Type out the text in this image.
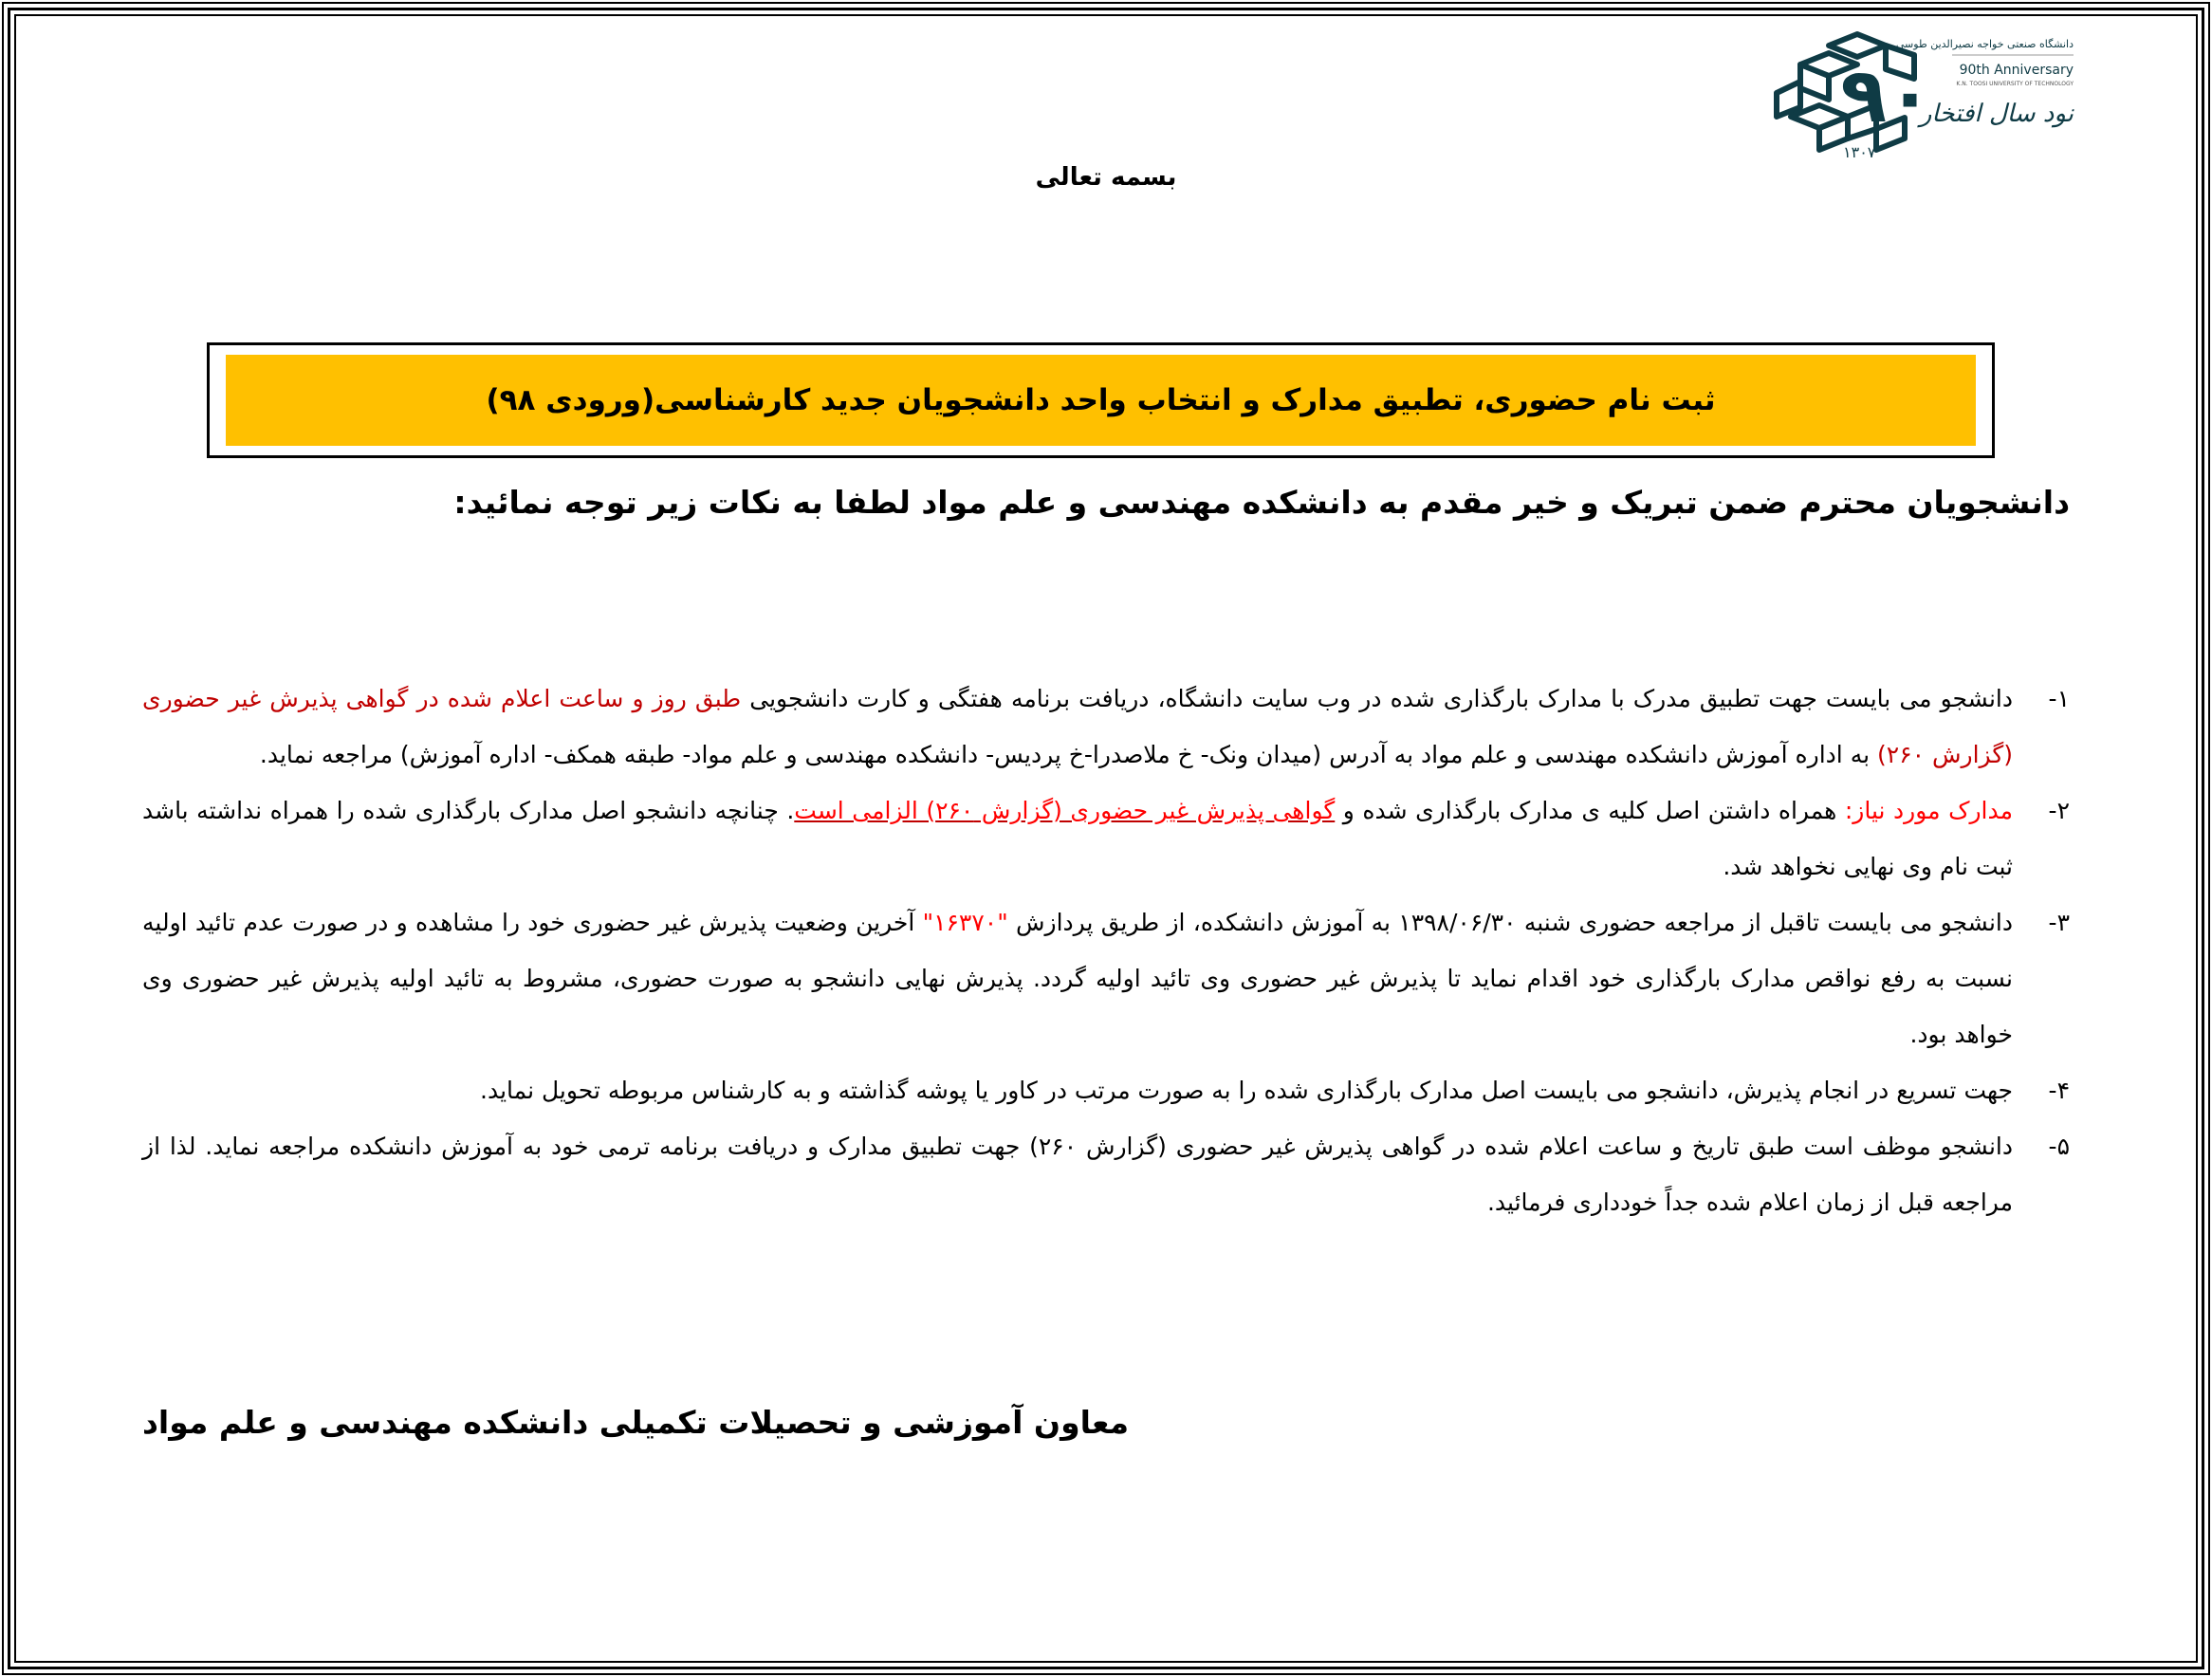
۹۰
دانشگاه صنعتی خواجه نصیرالدین طوسی
90th Anniversary
K.N. TOOSI UNIVERSITY OF TECHNOLOGY
نود سال افتخار
۱۳۰۷
بسمه تعالی
ثبت نام حضوری، تطبیق مدارک و انتخاب واحد دانشجویان جدید کارشناسی(ورودی ۹۸)
دانشجویان محترم ضمن تبریک و خیر مقدم به دانشکده مهندسی و علم مواد لطفا به نکات زیر توجه نمائید:
۱-
دانشجو می بایست جهت تطبیق مدرک با مدارک بارگذاری شده در وب سایت دانشگاه، دریافت برنامه هفتگی و کارت دانشجویی طبق روز و ساعت اعلام شده در گواهی پذیرش غیر حضوری (گزارش ۲۶۰) به اداره آموزش دانشکده مهندسی و علم مواد به آدرس (میدان ونک- خ ملاصدرا-خ پردیس- دانشکده مهندسی و علم مواد- طبقه همکف- اداره آموزش) مراجعه نماید.
۲-
مدارک مورد نیاز: همراه داشتن اصل کلیه ی مدارک بارگذاری شده و گواهی پذیرش غیر حضوری (گزارش ۲۶۰) الزامی است. چنانچه دانشجو اصل مدارک بارگذاری شده را همراه نداشته باشد ثبت نام وی نهایی نخواهد شد.
۳-
دانشجو می بایست تاقبل از مراجعه حضوری شنبه ۱۳۹۸/۰۶/۳۰ به آموزش دانشکده، از طریق پردازش "۱۶۳۷۰" آخرین وضعیت پذیرش غیر حضوری خود را مشاهده و در صورت عدم تائید اولیه نسبت به رفع نواقص مدارک بارگذاری خود اقدام نماید تا پذیرش غیر حضوری وی تائید اولیه گردد. پذیرش نهایی دانشجو به صورت حضوری، مشروط به تائید اولیه پذیرش غیر حضوری وی خواهد بود.
۴-
جهت تسریع در انجام پذیرش، دانشجو می بایست اصل مدارک بارگذاری شده را به صورت مرتب در کاور یا پوشه گذاشته و به کارشناس مربوطه تحویل نماید.
۵-
دانشجو موظف است طبق تاریخ و ساعت اعلام شده در گواهی پذیرش غیر حضوری (گزارش ۲۶۰) جهت تطبیق مدارک و دریافت برنامه ترمی خود به آموزش دانشکده مراجعه نماید. لذا از مراجعه قبل از زمان اعلام شده جداً خودداری فرمائید.
معاون آموزشی و تحصیلات تکمیلی دانشکده مهندسی و علم مواد
